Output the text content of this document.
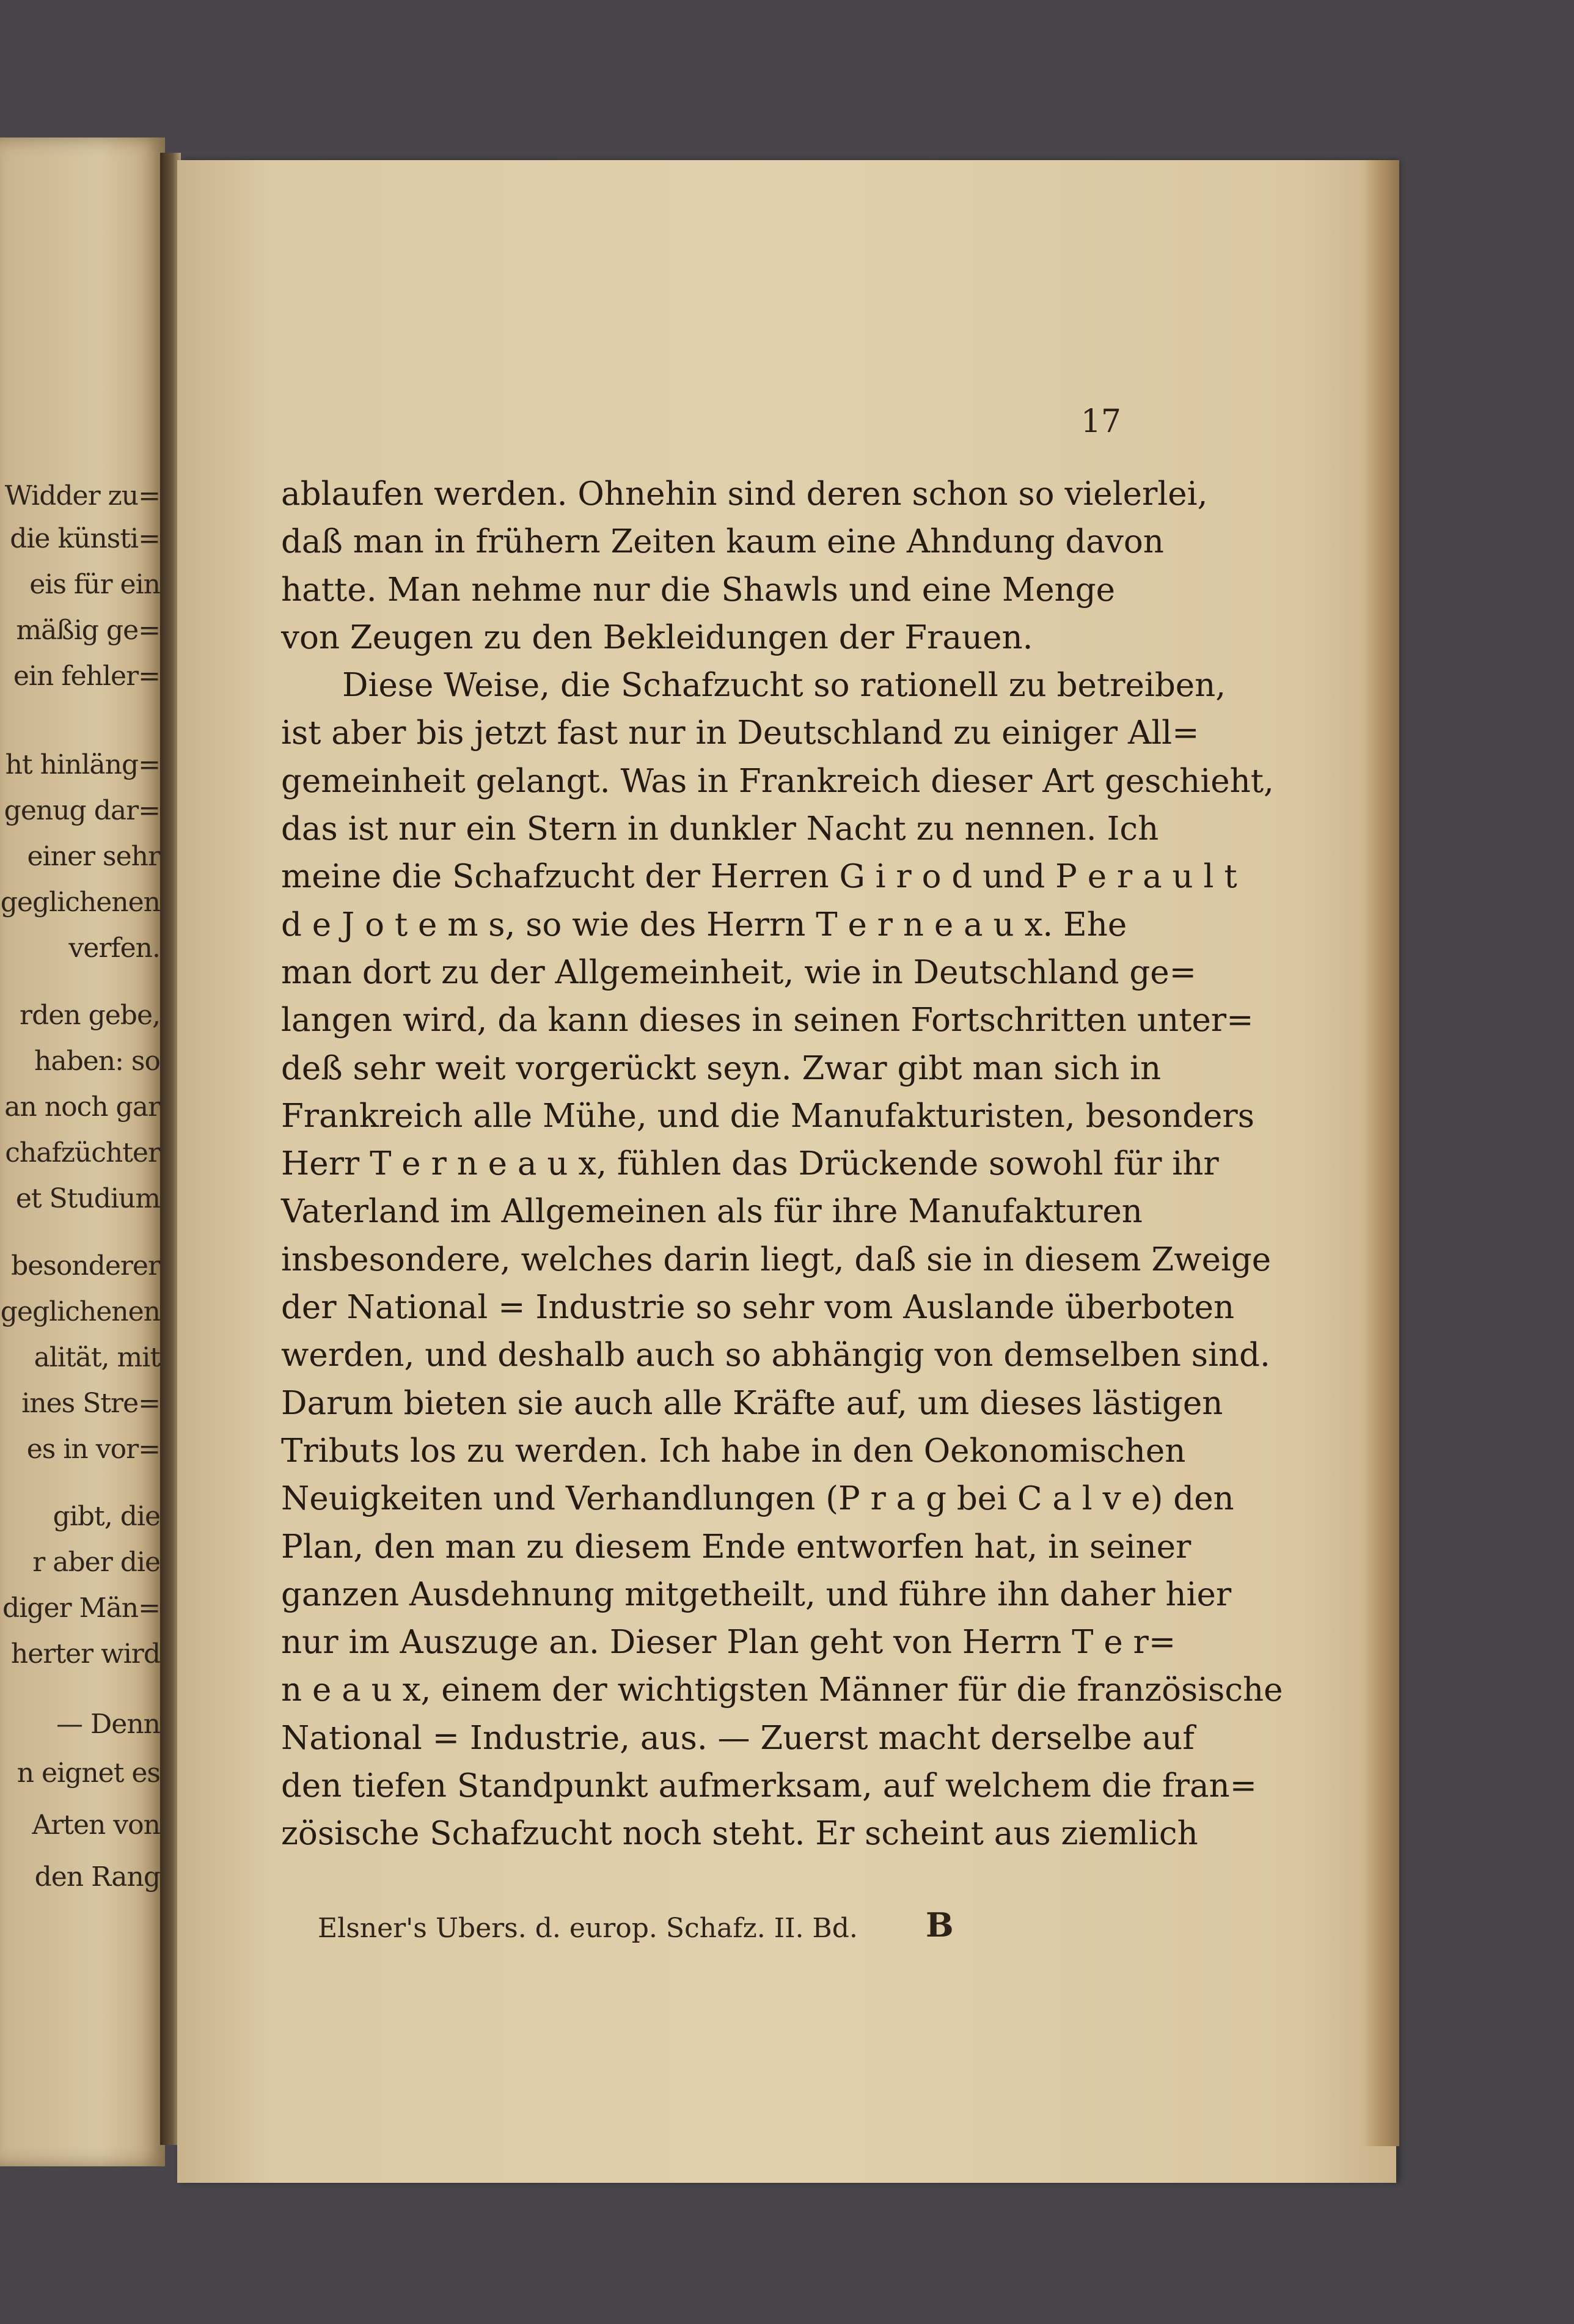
Widder zu=
die künsti=
eis für ein
mäßig ge=
ein fehler=
ht hinläng=
genug dar=
einer sehr
geglichenen
verfen.
rden gebe,
haben: so
an noch gar
chafzüchter
et Studium
besonderer
geglichenen
alität, mit
ines Stre=
es in vor=
gibt, die
r aber die
diger Män=
herter wird
— Denn
n eignet es
Arten von
den Rang
17
ablaufen werden. Ohnehin sind deren schon so vielerlei,
daß man in frühern Zeiten kaum eine Ahndung davon
hatte. Man nehme nur die Shawls und eine Menge
von Zeugen zu den Bekleidungen der Frauen.
Diese Weise, die Schafzucht so rationell zu betreiben,
ist aber bis jetzt fast nur in Deutschland zu einiger All=
gemeinheit gelangt. Was in Frankreich dieser Art geschieht,
das ist nur ein Stern in dunkler Nacht zu nennen. Ich
meine die Schafzucht der Herren G i r o d und P e r a u l t
d e J o t e m s, so wie des Herrn T e r n e a u x. Ehe
man dort zu der Allgemeinheit, wie in Deutschland ge=
langen wird, da kann dieses in seinen Fortschritten unter=
deß sehr weit vorgerückt seyn. Zwar gibt man sich in
Frankreich alle Mühe, und die Manufakturisten, besonders
Herr T e r n e a u x, fühlen das Drückende sowohl für ihr
Vaterland im Allgemeinen als für ihre Manufakturen
insbesondere, welches darin liegt, daß sie in diesem Zweige
der National = Industrie so sehr vom Auslande überboten
werden, und deshalb auch so abhängig von demselben sind.
Darum bieten sie auch alle Kräfte auf, um dieses lästigen
Tributs los zu werden. Ich habe in den Oekonomischen
Neuigkeiten und Verhandlungen (P r a g bei C a l v e) den
Plan, den man zu diesem Ende entworfen hat, in seiner
ganzen Ausdehnung mitgetheilt, und führe ihn daher hier
nur im Auszuge an. Dieser Plan geht von Herrn T e r=
n e a u x, einem der wichtigsten Männer für die französische
National = Industrie, aus. — Zuerst macht derselbe auf
den tiefen Standpunkt aufmerksam, auf welchem die fran=
zösische Schafzucht noch steht. Er scheint aus ziemlich
Elsner's Ubers. d. europ. Schafz. II. Bd. B
